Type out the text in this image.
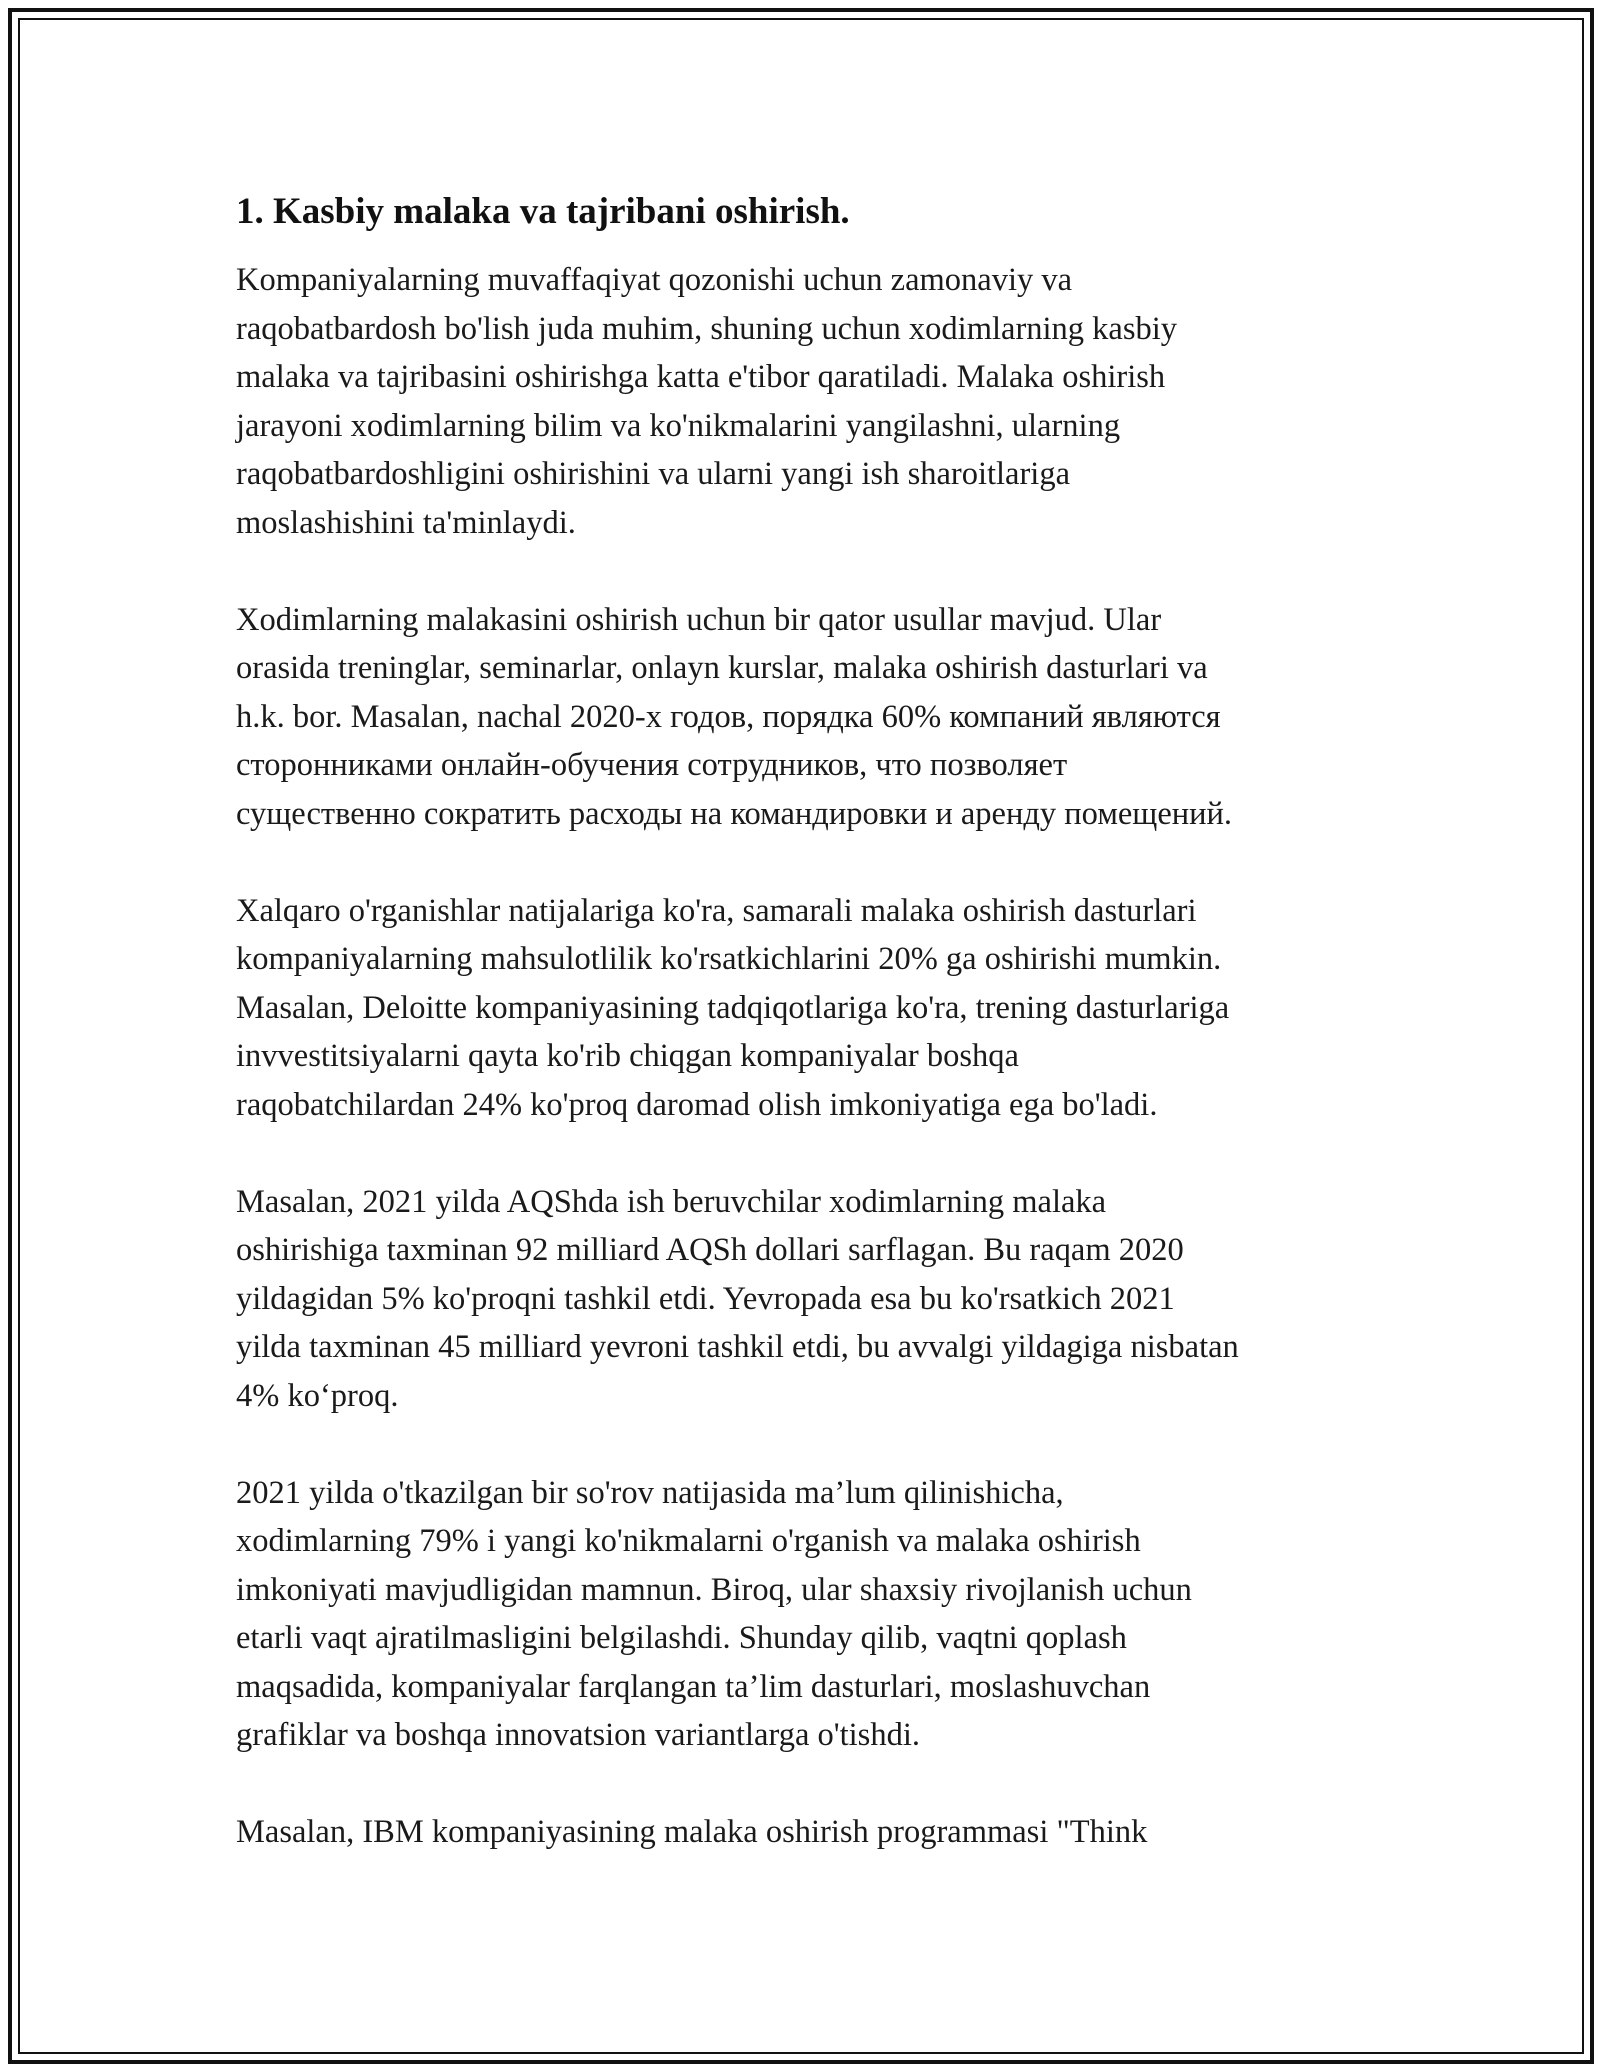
1. Kasbiy malaka va tajribani oshirish.

Kompaniyalarning muvaffaqiyat qozonishi uchun zamonaviy va
raqobatbardosh bo'lish juda muhim, shuning uchun xodimlarning kasbiy
malaka va tajribasini oshirishga katta e'tibor qaratiladi. Malaka oshirish
jarayoni xodimlarning bilim va ko'nikmalarini yangilashni, ularning
raqobatbardoshligini oshirishini va ularni yangi ish sharoitlariga
moslashishini ta'minlaydi.

Xodimlarning malakasini oshirish uchun bir qator usullar mavjud. Ular
orasida treninglar, seminarlar, onlayn kurslar, malaka oshirish dasturlari va
h.k. bor. Masalan, nachal 2020-х годов, порядка 60% компаний являются
сторонниками онлайн-обучения сотрудников, что позволяет
существенно сократить расходы на командировки и аренду помещений.

Xalqaro o'rganishlar natijalariga ko'ra, samarali malaka oshirish dasturlari
kompaniyalarning mahsulotlilik ko'rsatkichlarini 20% ga oshirishi mumkin.
Masalan, Deloitte kompaniyasining tadqiqotlariga ko'ra, trening dasturlariga
invvestitsiyalarni qayta ko'rib chiqgan kompaniyalar boshqa
raqobatchilardan 24% ko'proq daromad olish imkoniyatiga ega bo'ladi.

Masalan, 2021 yilda AQShda ish beruvchilar xodimlarning malaka
oshirishiga taxminan 92 milliard AQSh dollari sarflagan. Bu raqam 2020
yildagidan 5% ko'proqni tashkil etdi. Yevropada esa bu ko'rsatkich 2021
yilda taxminan 45 milliard yevroni tashkil etdi, bu avvalgi yildagiga nisbatan
4% ko‘proq.

2021 yilda o'tkazilgan bir so'rov natijasida ma’lum qilinishicha,
xodimlarning 79% i yangi ko'nikmalarni o'rganish va malaka oshirish
imkoniyati mavjudligidan mamnun. Biroq, ular shaxsiy rivojlanish uchun
etarli vaqt ajratilmasligini belgilashdi. Shunday qilib, vaqtni qoplash
maqsadida, kompaniyalar farqlangan ta’lim dasturlari, moslashuvchan
grafiklar va boshqa innovatsion variantlarga o'tishdi.

Masalan, IBM kompaniyasining malaka oshirish programmasi "Think
